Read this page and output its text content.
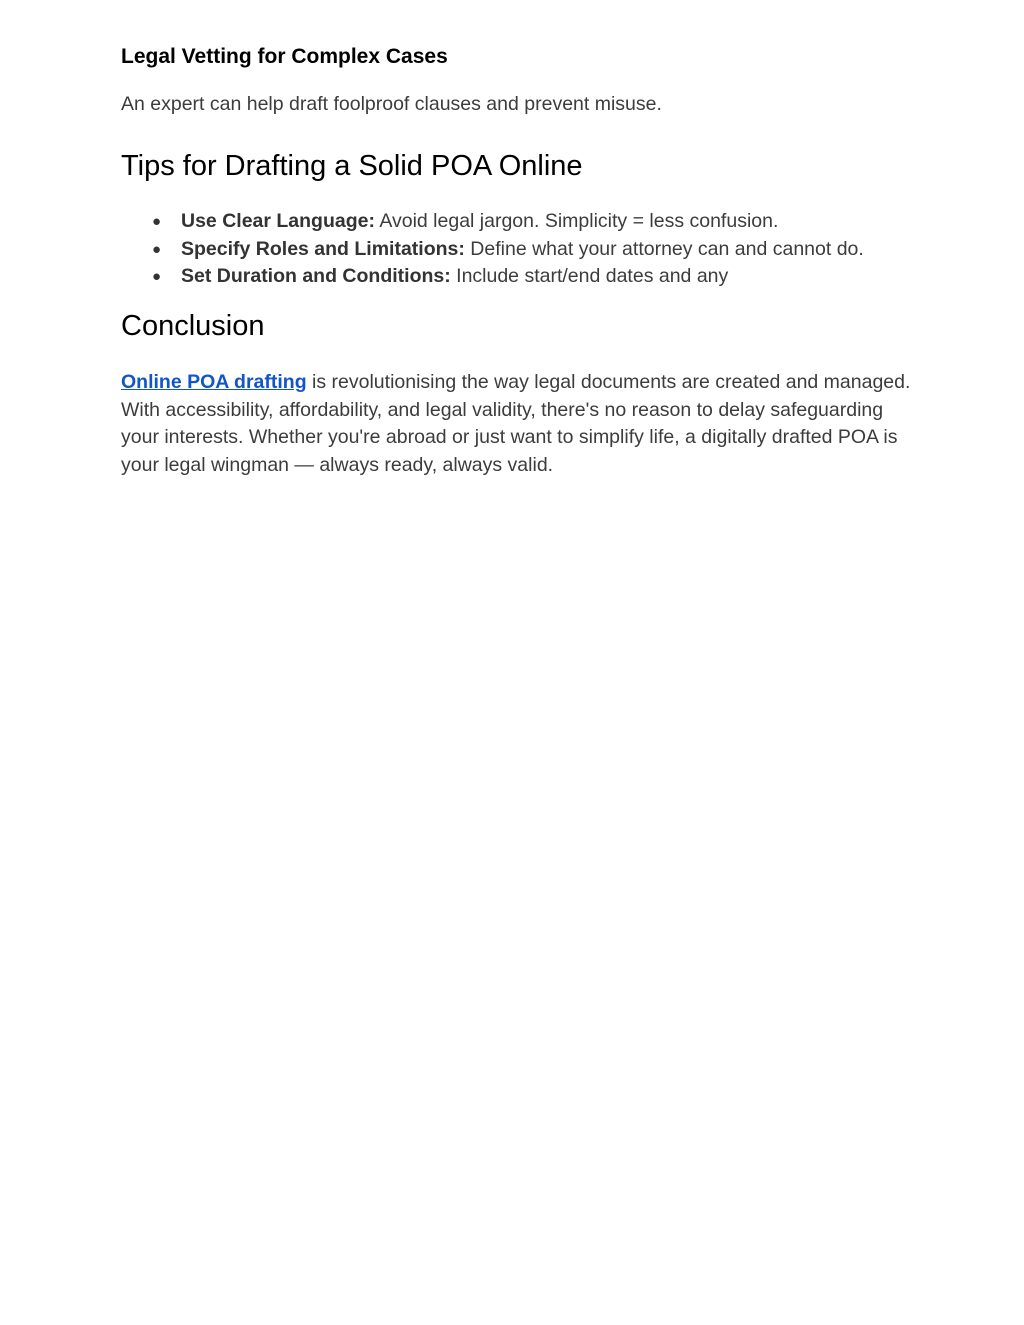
Legal Vetting for Complex Cases

An expert can help draft foolproof clauses and prevent misuse.

Tips for Drafting a Solid POA Online
● Use Clear Language: Avoid legal jargon. Simplicity = less confusion.
● Specify Roles and Limitations: Define what your attorney can and cannot do.
● Set Duration and Conditions: Include start/end dates and any
Conclusion

Online POA drafting is revolutionising the way legal documents are created and managed. With accessibility, affordability, and legal validity, there's no reason to delay safeguarding your interests. Whether you're abroad or just want to simplify life, a digitally drafted POA is your legal wingman — always ready, always valid.
